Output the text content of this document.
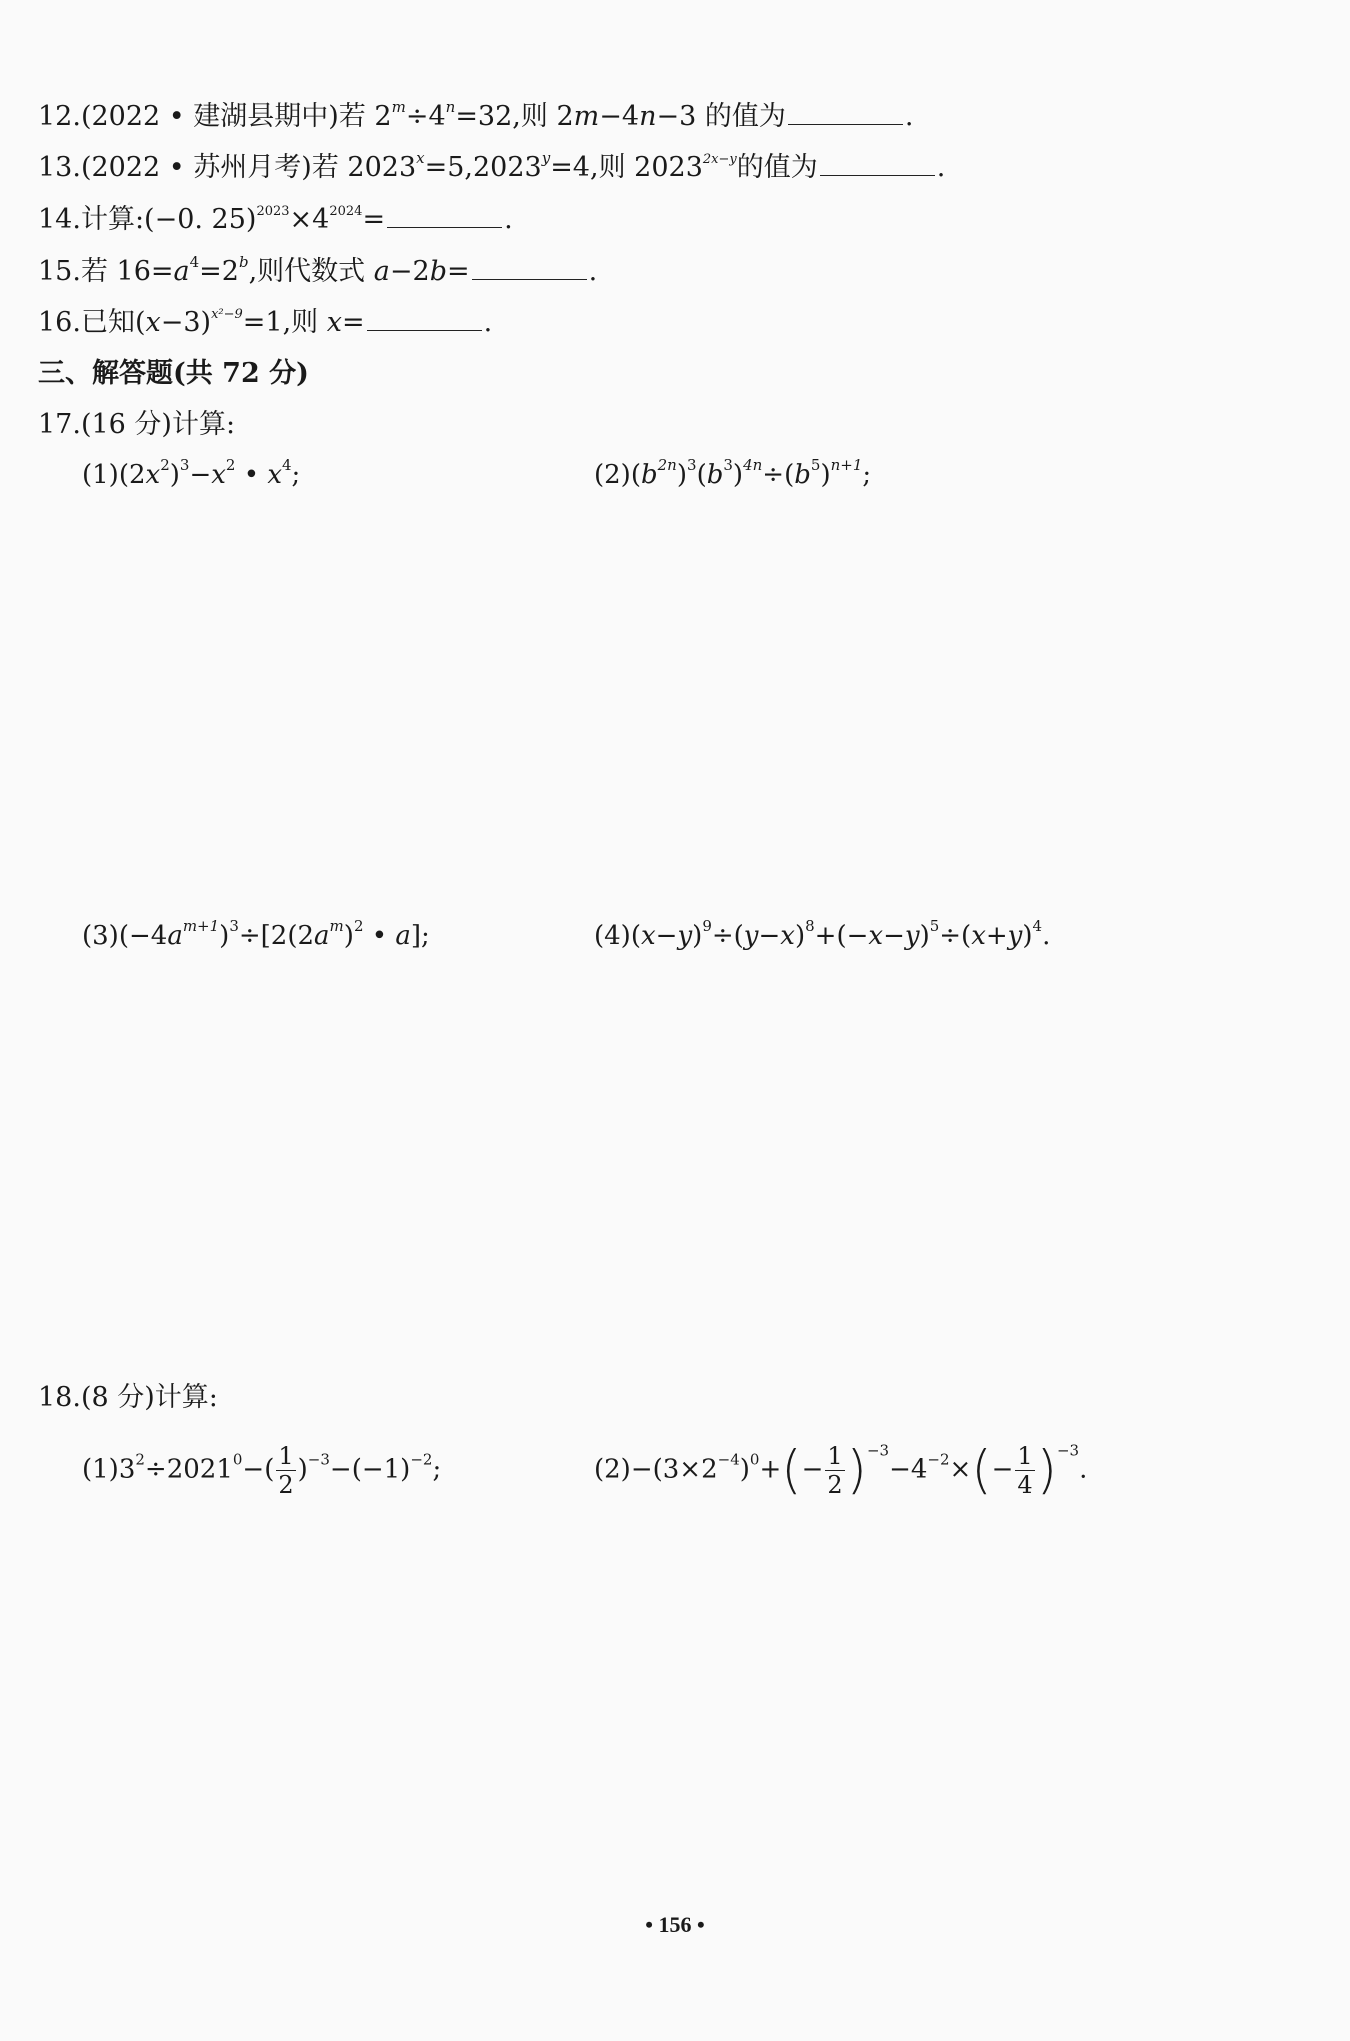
12.(2022 • 建湖县期中)若 $2^m\div 4^n=32$,则 2m−4n−3 的值为	.
13.(2022 • 苏州月考)若 $2023^x=5,2023^y=4$,则 $2023^{2x-y}$的值为	.
14.计算:(−0. $25)^{2023}\times 4^{2024}=$	.
15.若 $16=a^4=2^b$,则代数式 a−2b=	.
16.已知$(x-3)^{x^2-9}=1$,则 x=	.
三、解答题(共 72 分)
17.(16 分)计算:
$(1)(2x^2)^3-x^2$ • $x^4$;	$(2)(b^{2n})^3(b^3)^{4n}\div(b^5)^{n+1}$;
$(3)(-4a^{m+1})^3\div[2(2a^m)^2$ • a];	$(4)(x-y)^9\div(y-x)^8+(-x-y)^5\div(x+y)^4$.
18.(8 分)计算:
$(1)3^2\div 2021^0-( \frac{1}{2} )^{-3}-(-1)^{-2}$;	$(2)-(3\times 2^{-4})^0+(- \frac{1}{2} )^{-3}-4^{-2}\times(- \frac{1}{4} )^{-3}$.
• 156 •
